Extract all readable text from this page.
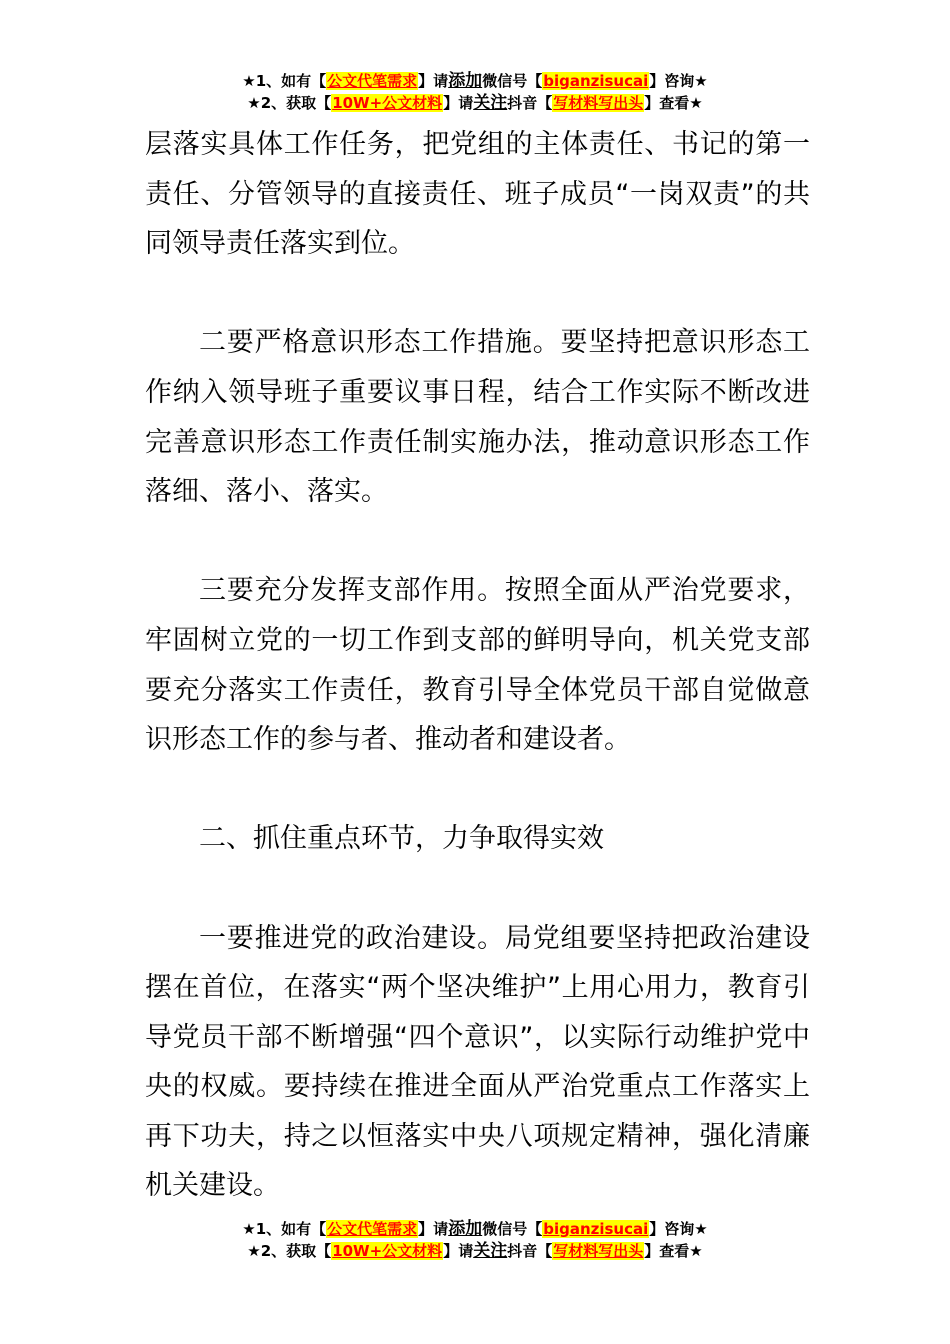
★1、如有【公文代笔需求】请添加微信号【biganzisucai】咨询★
★2、获取【10W+公文材料】请关注抖音【写材料写出头】查看★

层落实具体工作任务，把党组的主体责任、书记的第一责任、分管领导的直接责任、班子成员“一岗双责”的共同领导责任落实到位。

二要严格意识形态工作措施。要坚持把意识形态工作纳入领导班子重要议事日程，结合工作实际不断改进完善意识形态工作责任制实施办法，推动意识形态工作落细、落小、落实。

三要充分发挥支部作用。按照全面从严治党要求，牢固树立党的一切工作到支部的鲜明导向，机关党支部要充分落实工作责任，教育引导全体党员干部自觉做意识形态工作的参与者、推动者和建设者。

二、抓住重点环节，力争取得实效

一要推进党的政治建设。局党组要坚持把政治建设摆在首位，在落实“两个坚决维护”上用心用力，教育引导党员干部不断增强“四个意识”，以实际行动维护党中央的权威。要持续在推进全面从严治党重点工作落实上再下功夫，持之以恒落实中央八项规定精神，强化清廉机关建设。

★1、如有【公文代笔需求】请添加微信号【biganzisucai】咨询★
★2、获取【10W+公文材料】请关注抖音【写材料写出头】查看★
